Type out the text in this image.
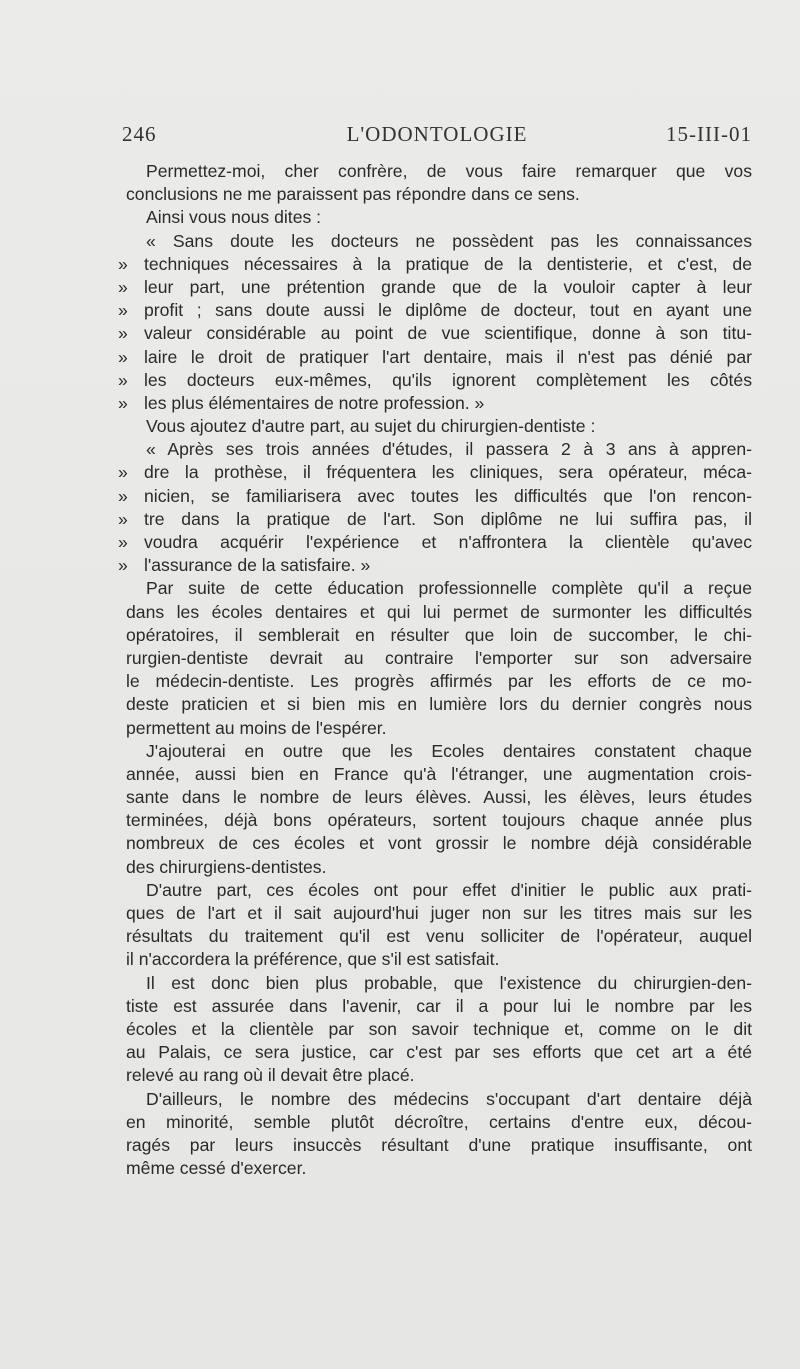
246	L'ODONTOLOGIE	15-III-01
Permettez-moi, cher confrère, de vous faire remarquer que vos
conclusions ne me paraissent pas répondre dans ce sens.
Ainsi vous nous dites :
« Sans doute les docteurs ne possèdent pas les connaissances
» techniques nécessaires à la pratique de la dentisterie, et c'est, de
» leur part, une prétention grande que de la vouloir capter à leur
» profit ; sans doute aussi le diplôme de docteur, tout en ayant une
» valeur considérable au point de vue scientifique, donne à son titu-
» laire le droit de pratiquer l'art dentaire, mais il n'est pas dénié par
» les docteurs eux-mêmes, qu'ils ignorent complètement les côtés
» les plus élémentaires de notre profession. »
Vous ajoutez d'autre part, au sujet du chirurgien-dentiste :
« Après ses trois années d'études, il passera 2 à 3 ans à appren-
» dre la prothèse, il fréquentera les cliniques, sera opérateur, méca-
» nicien, se familiarisera avec toutes les difficultés que l'on rencon-
» tre dans la pratique de l'art. Son diplôme ne lui suffira pas, il
» voudra acquérir l'expérience et n'affrontera la clientèle qu'avec
» l'assurance de la satisfaire. »
Par suite de cette éducation professionnelle complète qu'il a reçue
dans les écoles dentaires et qui lui permet de surmonter les difficultés
opératoires, il semblerait en résulter que loin de succomber, le chi-
rurgien-dentiste devrait au contraire l'emporter sur son adversaire
le médecin-dentiste. Les progrès affirmés par les efforts de ce mo-
deste praticien et si bien mis en lumière lors du dernier congrès nous
permettent au moins de l'espérer.
J'ajouterai en outre que les Ecoles dentaires constatent chaque
année, aussi bien en France qu'à l'étranger, une augmentation crois-
sante dans le nombre de leurs élèves. Aussi, les élèves, leurs études
terminées, déjà bons opérateurs, sortent toujours chaque année plus
nombreux de ces écoles et vont grossir le nombre déjà considérable
des chirurgiens-dentistes.
D'autre part, ces écoles ont pour effet d'initier le public aux prati-
ques de l'art et il sait aujourd'hui juger non sur les titres mais sur les
résultats du traitement qu'il est venu solliciter de l'opérateur, auquel
il n'accordera la préférence, que s'il est satisfait.
Il est donc bien plus probable, que l'existence du chirurgien-den-
tiste est assurée dans l'avenir, car il a pour lui le nombre par les
écoles et la clientèle par son savoir technique et, comme on le dit
au Palais, ce sera justice, car c'est par ses efforts que cet art a été
relevé au rang où il devait être placé.
D'ailleurs, le nombre des médecins s'occupant d'art dentaire déjà
en minorité, semble plutôt décroître, certains d'entre eux, décou-
ragés par leurs insuccès résultant d'une pratique insuffisante, ont
même cessé d'exercer.
